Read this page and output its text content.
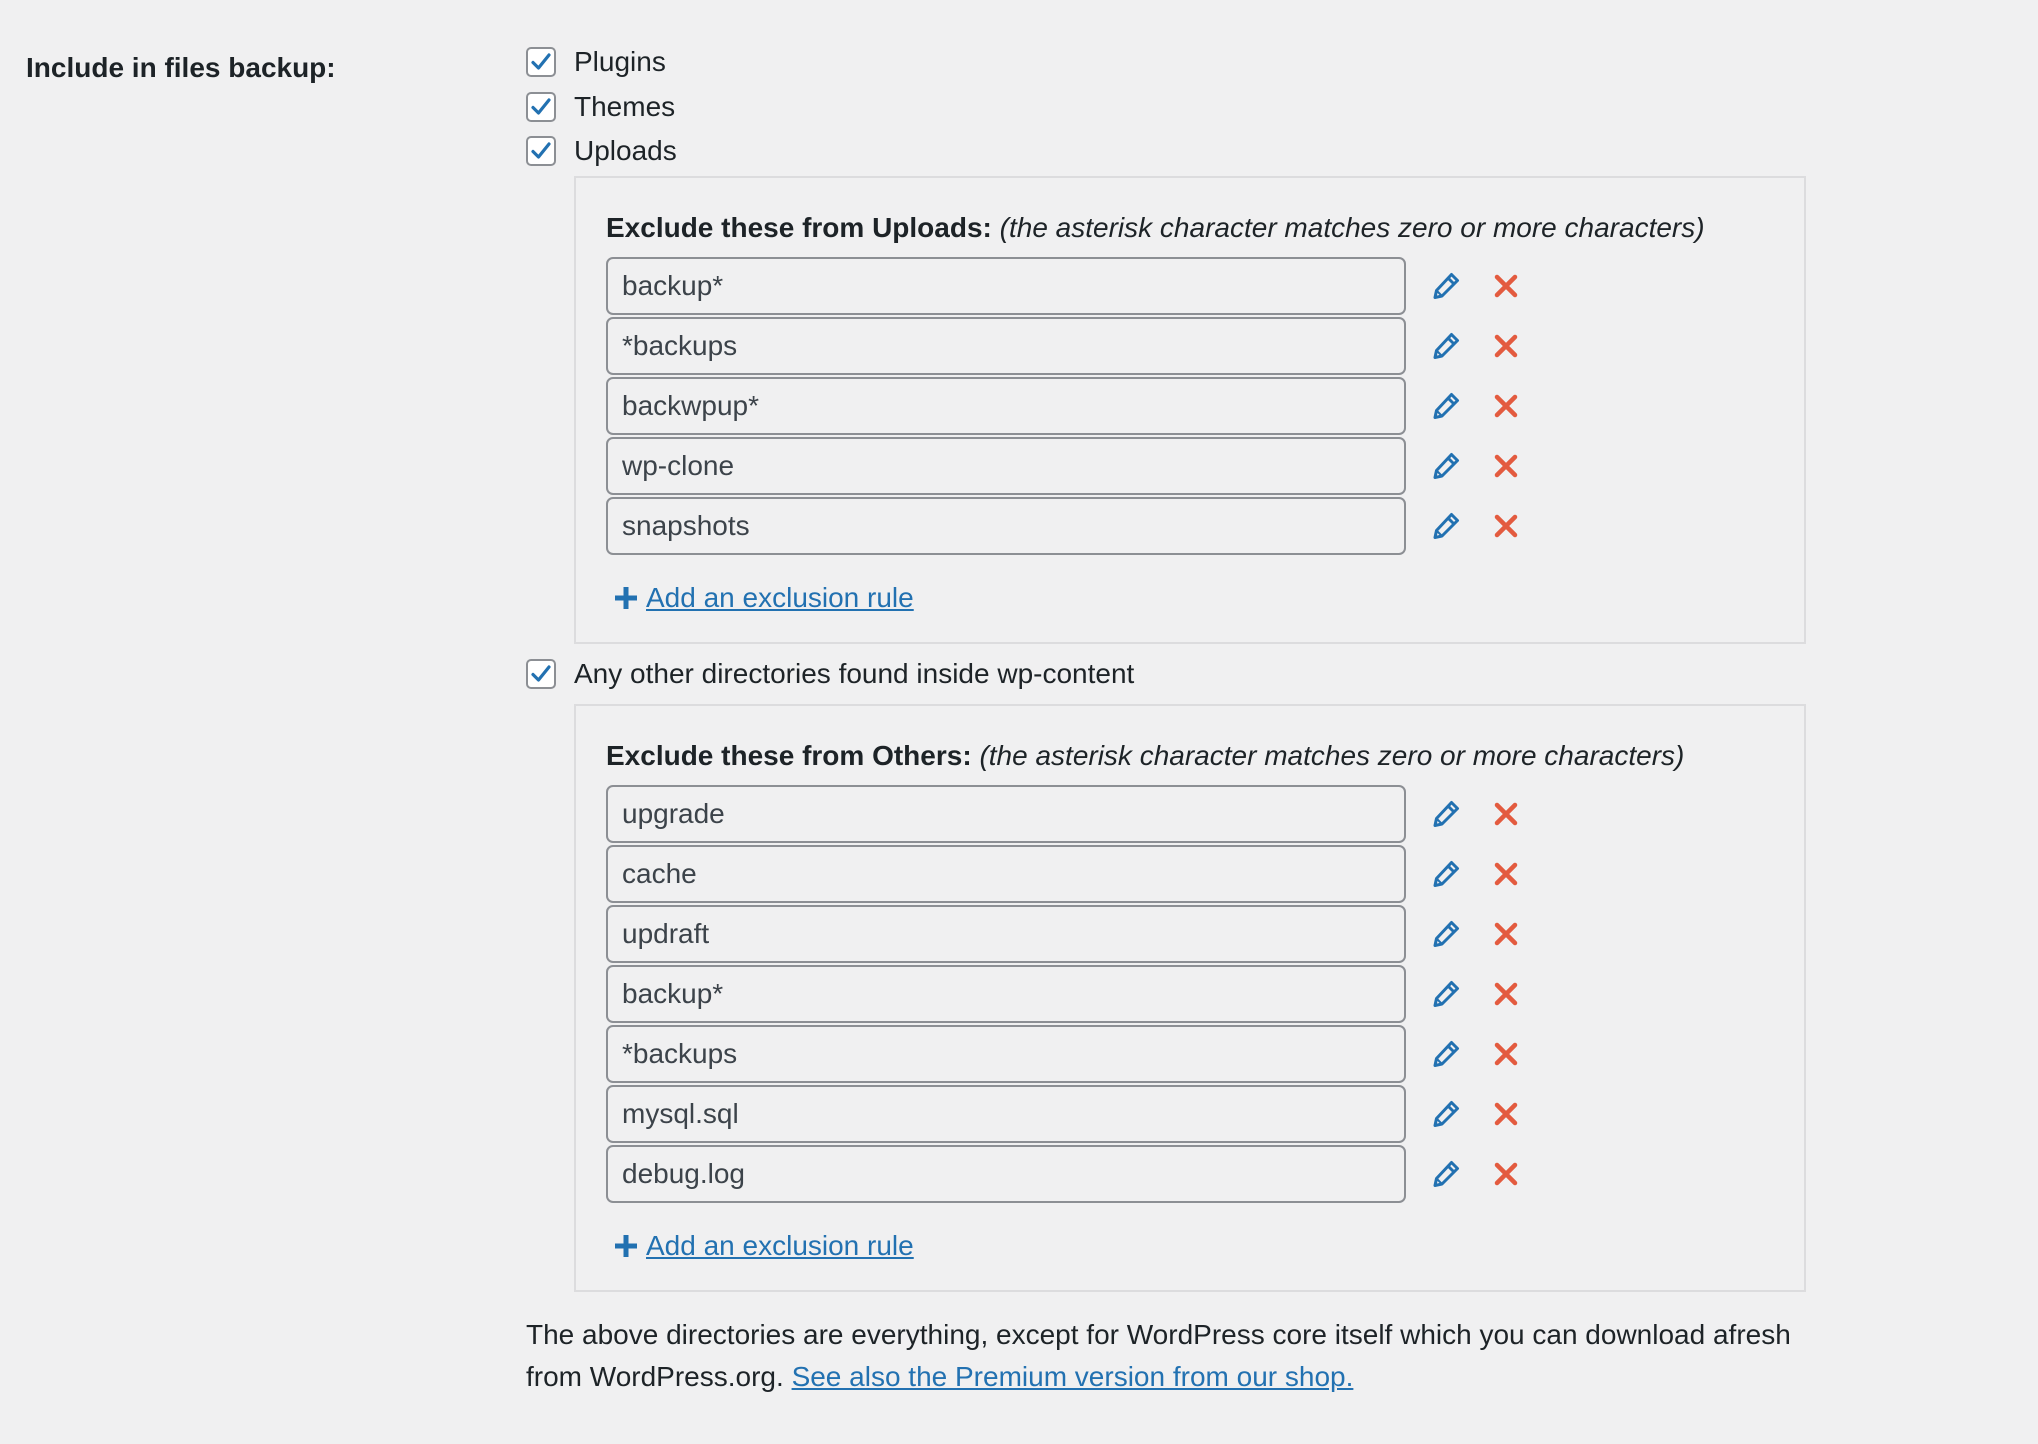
Include in files backup:	Plugins
Themes
Uploads
Exclude these from Uploads: (the asterisk character matches zero or more characters)
backup*
*backups
backwpup*
wp-clone
snapshots
Add an exclusion rule
Any other directories found inside wp-content
Exclude these from Others: (the asterisk character matches zero or more characters)
upgrade
cache
updraft
backup*
*backups
mysql.sql
debug.log
Add an exclusion rule
The above directories are everything, except for WordPress core itself which you can download afresh from WordPress.org. See also the Premium version from our shop.
